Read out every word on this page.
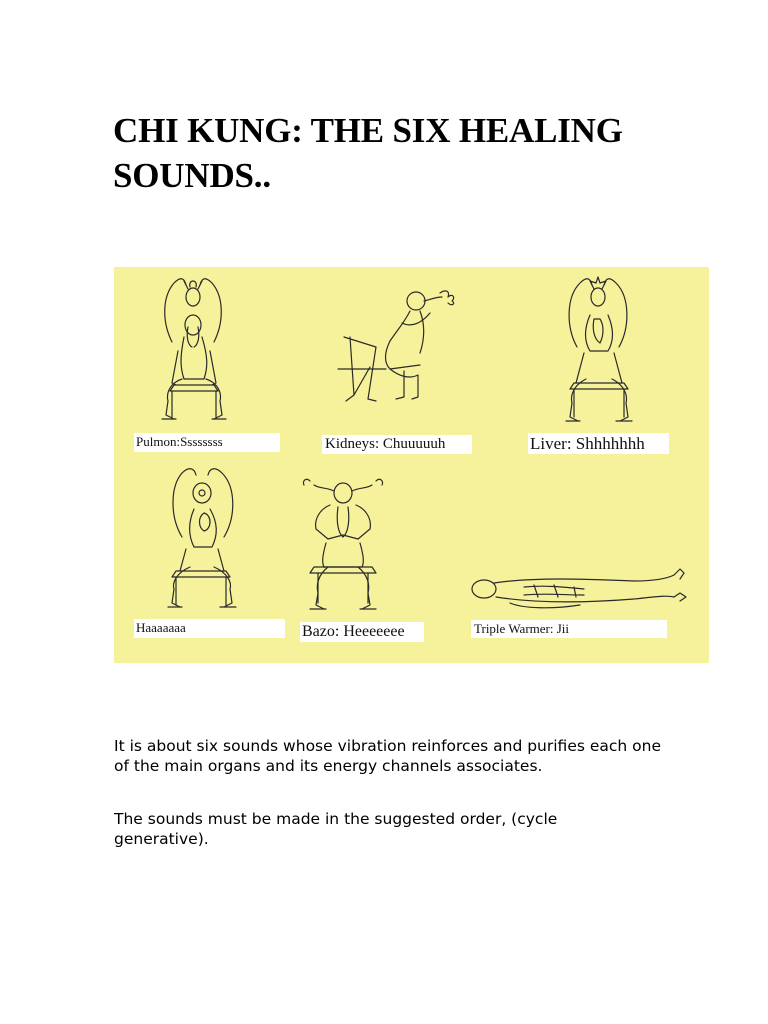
CHI KUNG: THE SIX HEALING SOUNDS..
Pulmon:Ssssssss	Kidneys: Chuuuuuh	Liver: Shhhhhhh
Haaaaaaa	Bazo: Heeeeeee	Triple Warmer: Jii

It is about six sounds whose vibration reinforces and purifies each one of the main organs and its energy channels associates.

The sounds must be made in the suggested order, (cycle generative).
